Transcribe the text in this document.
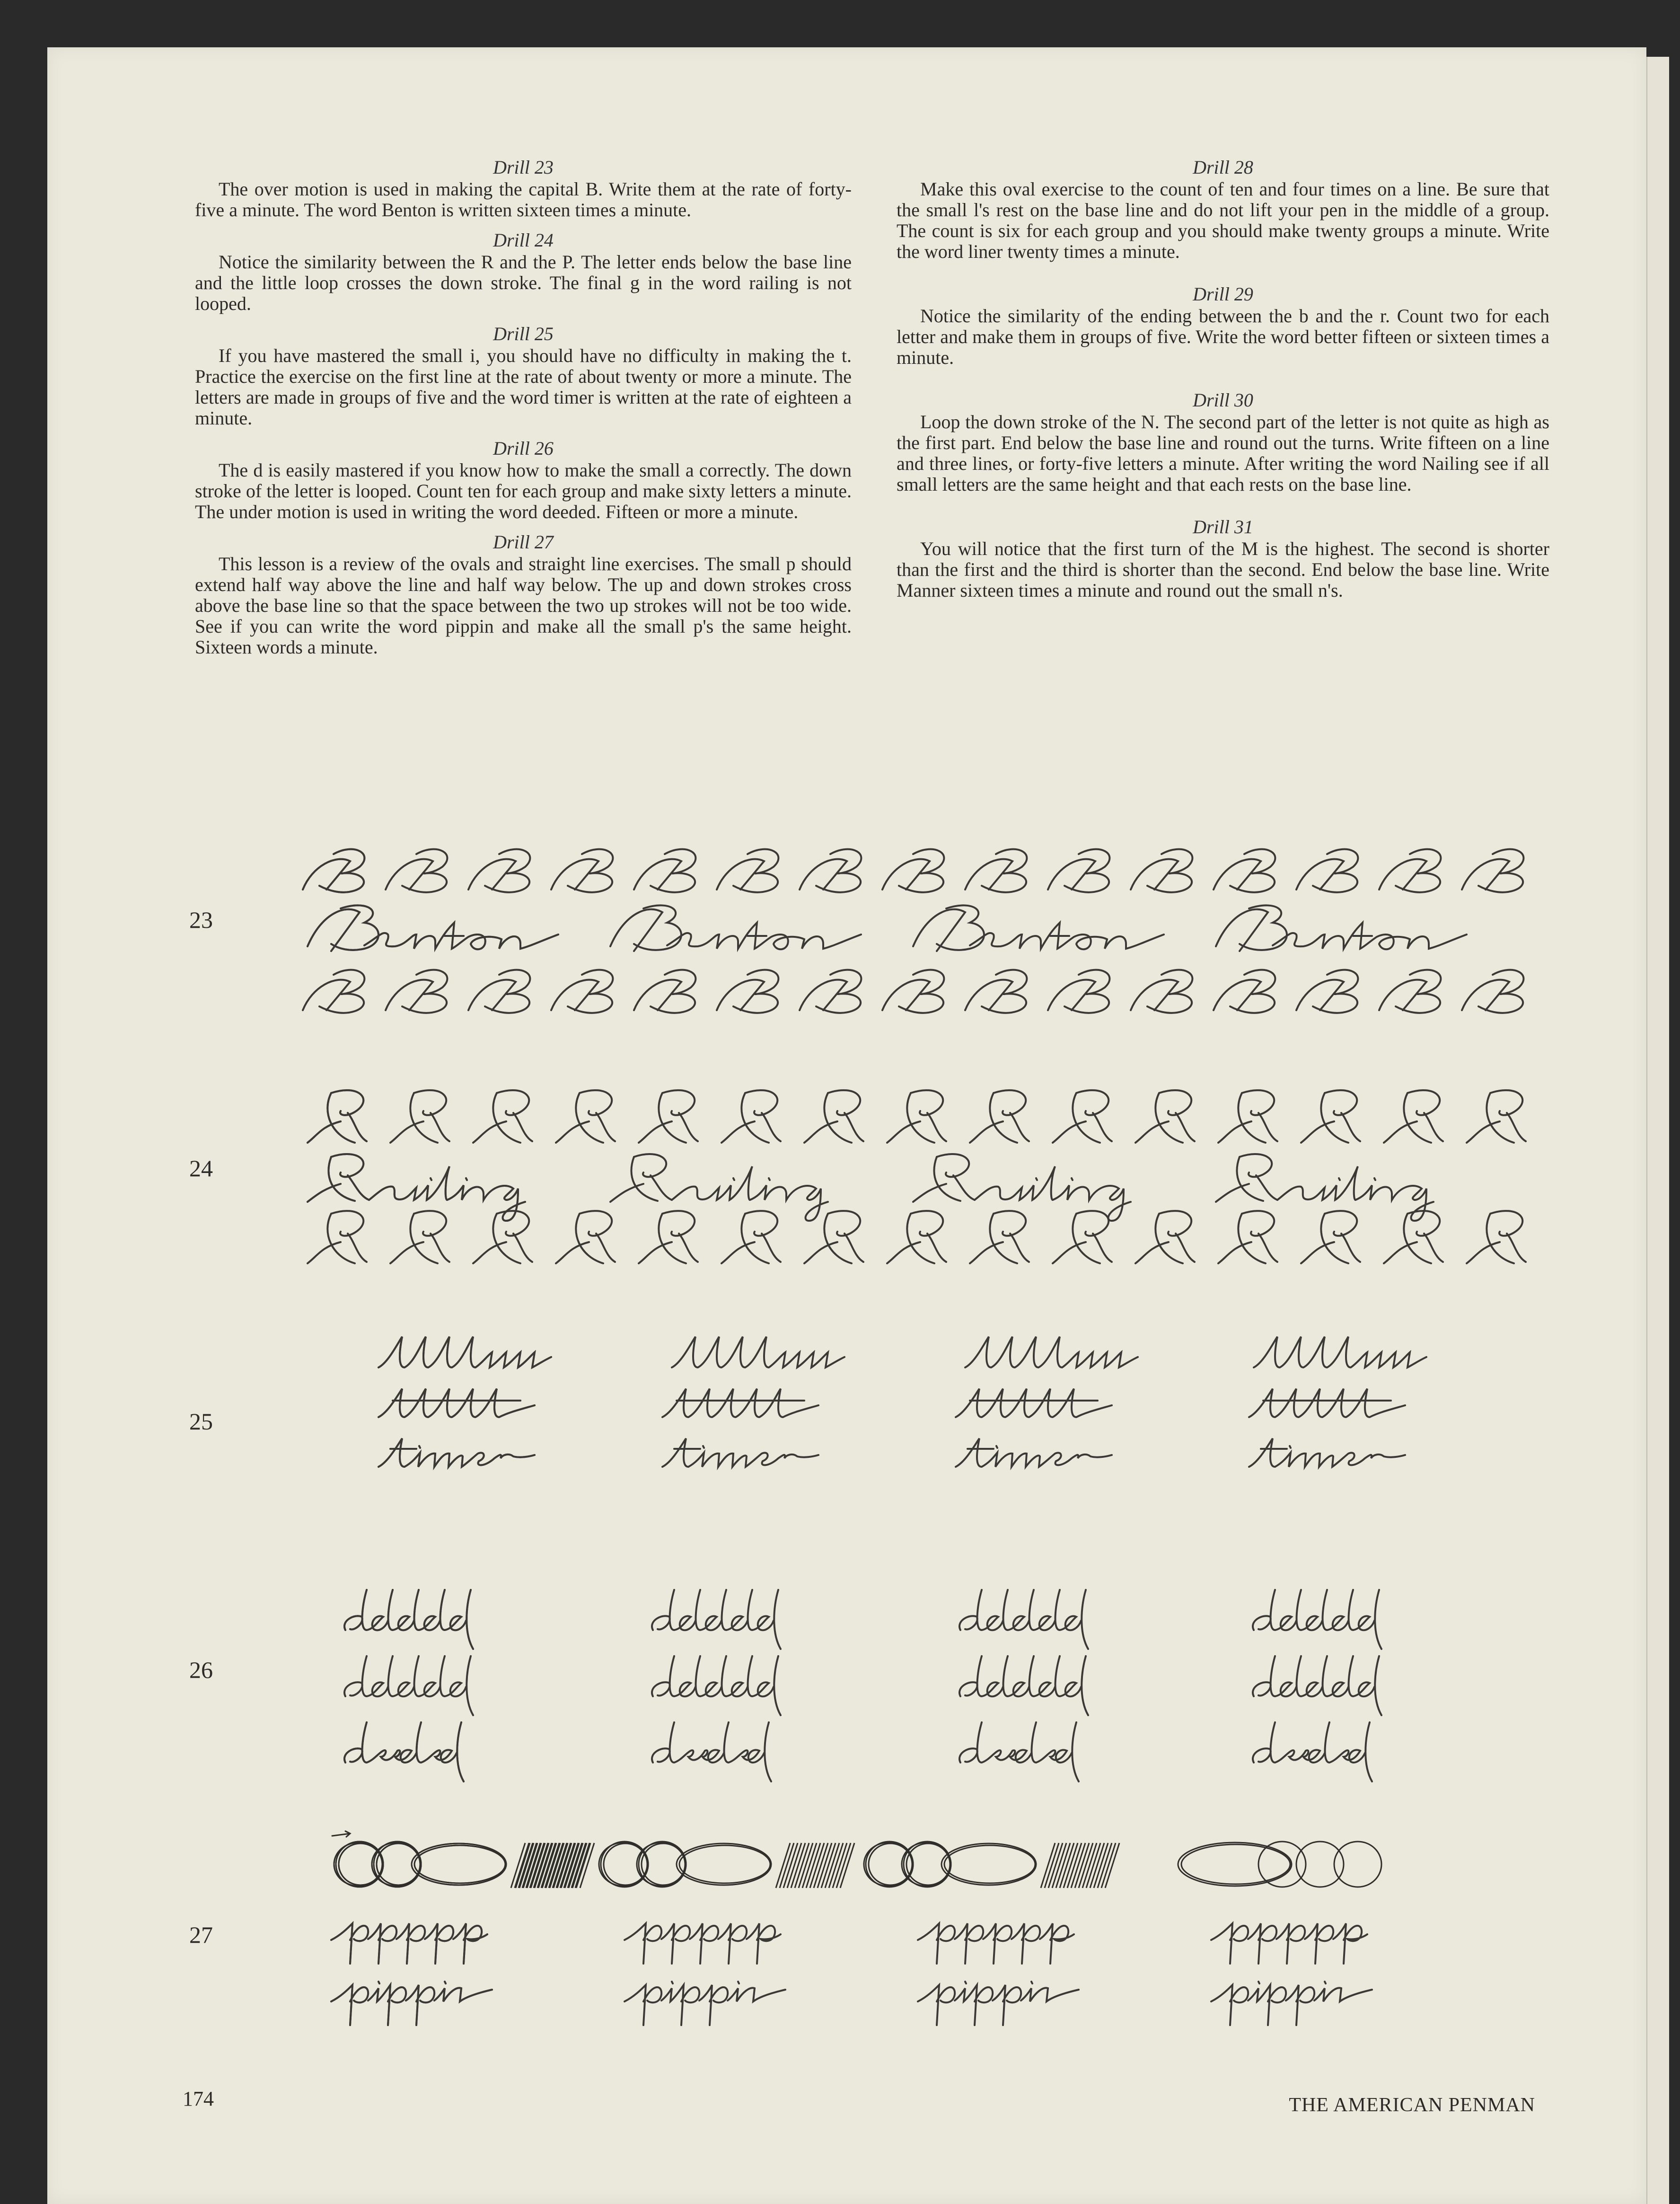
Drill 23

The over motion is used in making the capital B. Write them at the rate of forty-five a minute. The word Benton is written sixteen times a minute.

Drill 24

Notice the similarity between the R and the P. The letter ends below the base line and the little loop crosses the down stroke. The final g in the word railing is not looped.

Drill 25

If you have mastered the small i, you should have no difficulty in making the t. Practice the exercise on the first line at the rate of about twenty or more a minute. The letters are made in groups of five and the word timer is written at the rate of eighteen a minute.

Drill 26

The d is easily mastered if you know how to make the small a correctly. The down stroke of the letter is looped. Count ten for each group and make sixty letters a minute. The under motion is used in writing the word deeded. Fifteen or more a minute.

Drill 27

This lesson is a review of the ovals and straight line exercises. The small p should extend half way above the line and half way below. The up and down strokes cross above the base line so that the space between the two up strokes will not be too wide. See if you can write the word pippin and make all the small p's the same height. Sixteen words a minute.

Drill 28

Make this oval exercise to the count of ten and four times on a line. Be sure that the small l's rest on the base line and do not lift your pen in the middle of a group. The count is six for each group and you should make twenty groups a minute. Write the word liner twenty times a minute.

Drill 29

Notice the similarity of the ending between the b and the r. Count two for each letter and make them in groups of five. Write the word better fifteen or sixteen times a minute.

Drill 30

Loop the down stroke of the N. The second part of the letter is not quite as high as the first part. End below the base line and round out the turns. Write fifteen on a line and three lines, or forty-five letters a minute. After writing the word Nailing see if all small letters are the same height and that each rests on the base line.

Drill 31

You will notice that the first turn of the M is the highest. The second is shorter than the first and the third is shorter than the second. End below the base line. Write Manner sixteen times a minute and round out the small n's.

23
24
25
26
27
174	THE AMERICAN PENMAN
